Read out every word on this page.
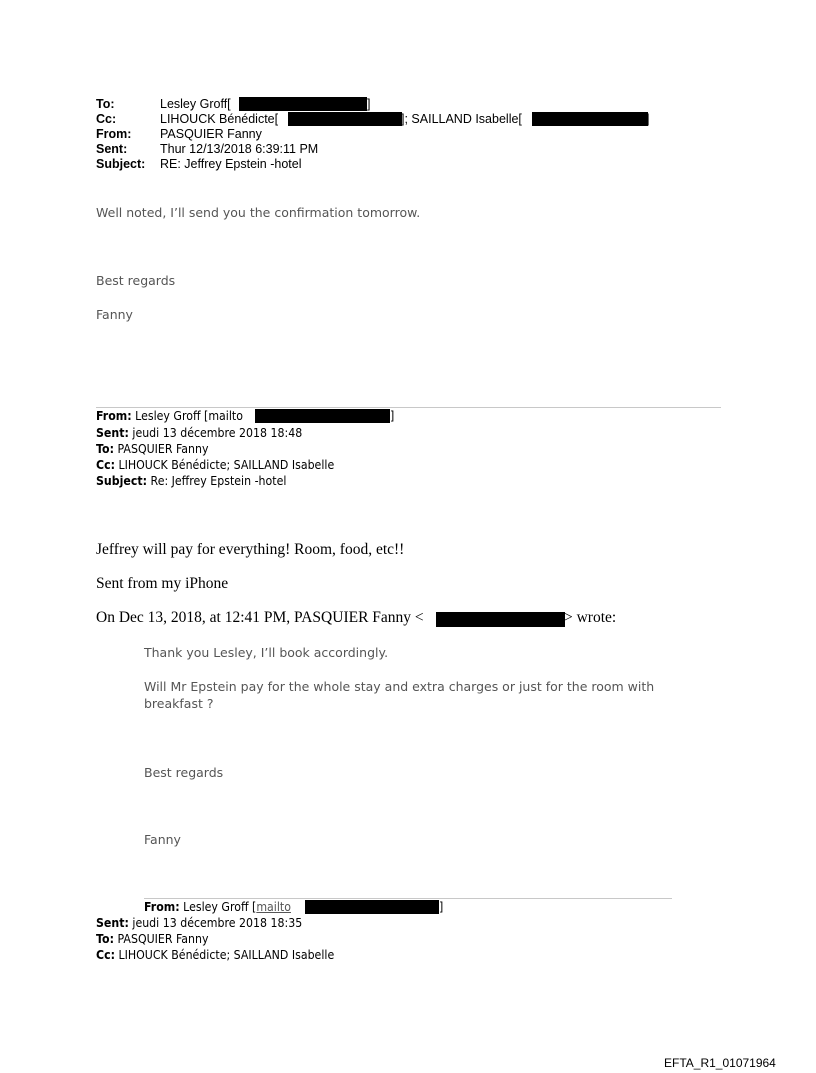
To:	Lesley Groff[	]
Cc:	LIHOUCK Bénédicte[	]; SAILLAND Isabelle[	]
From: PASQUIER Fanny
Sent:	Thur 12/13/2018 6:39:11 PM
Subject: RE: Jeffrey Epstein -hotel
Well noted, I’ll send you the confirmation tomorrow.
Best regards
Fanny
From: Lesley Groff [mailto	]
Sent: jeudi 13 décembre 2018 18:48
To: PASQUIER Fanny
Cc: LIHOUCK Bénédicte; SAILLAND Isabelle
Subject: Re: Jeffrey Epstein -hotel
Jeffrey will pay for everything! Room, food, etc!!
Sent from my iPhone
On Dec 13, 2018, at 12:41 PM, PASQUIER Fanny <	> wrote:
Thank you Lesley, I’ll book accordingly.
Will Mr Epstein pay for the whole stay and extra charges or just for the room with
breakfast ?
Best regards
Fanny
From: Lesley Groff [mailto	]
Sent: jeudi 13 décembre 2018 18:35
To: PASQUIER Fanny
Cc: LIHOUCK Bénédicte; SAILLAND Isabelle
EFTA_R1_01071964
